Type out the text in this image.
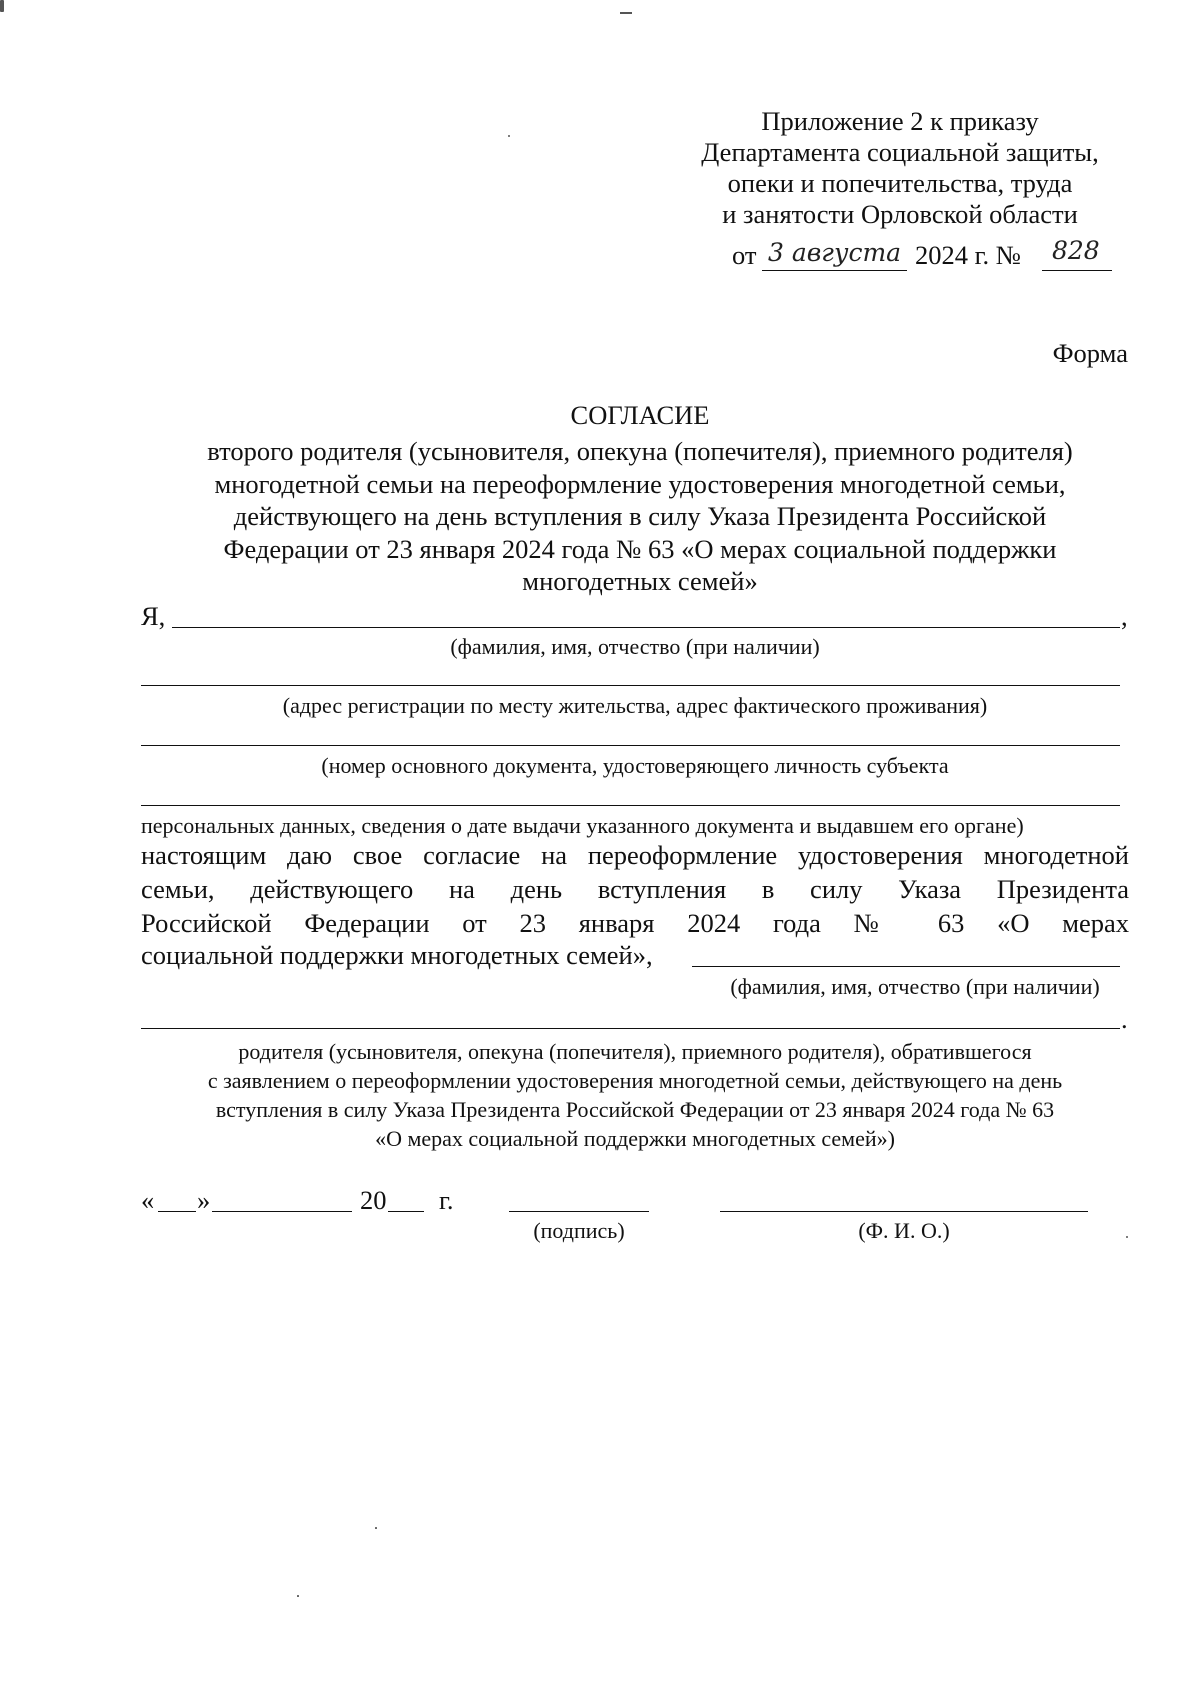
Приложение 2 к приказу
Департамента социальной защиты,
опеки и попечительства, труда
и занятости Орловской области
от 3 августа 2024 г. № 828
Форма
СОГЛАСИЕ
второго родителя (усыновителя, опекуна (попечителя), приемного родителя)
многодетной семьи на переоформление удостоверения многодетной семьи,
действующего на день вступления в силу Указа Президента Российской
Федерации от 23 января 2024 года № 63 «О мерах социальной поддержки
многодетных семей»
Я,	,
(фамилия, имя, отчество (при наличии)
(адрес регистрации по месту жительства, адрес фактического проживания)
(номер основного документа, удостоверяющего личность субъекта
персональных данных, сведения о дате выдачи указанного документа и выдавшем его органе)
настоящим даю свое согласие на переоформление удостоверения многодетной
семьи, действующего на день вступления в силу Указа Президента
Российской Федерации от 23 января 2024 года № 63 «О мерах
социальной поддержки многодетных семей»,
(фамилия, имя, отчество (при наличии)
.
родителя (усыновителя, опекуна (попечителя), приемного родителя), обратившегося
с заявлением о переоформлении удостоверения многодетной семьи, действующего на день
вступления в силу Указа Президента Российской Федерации от 23 января 2024 года № 63
«О мерах социальной поддержки многодетных семей»)
« »	20 г.
(подпись)	(Ф. И. О.)
